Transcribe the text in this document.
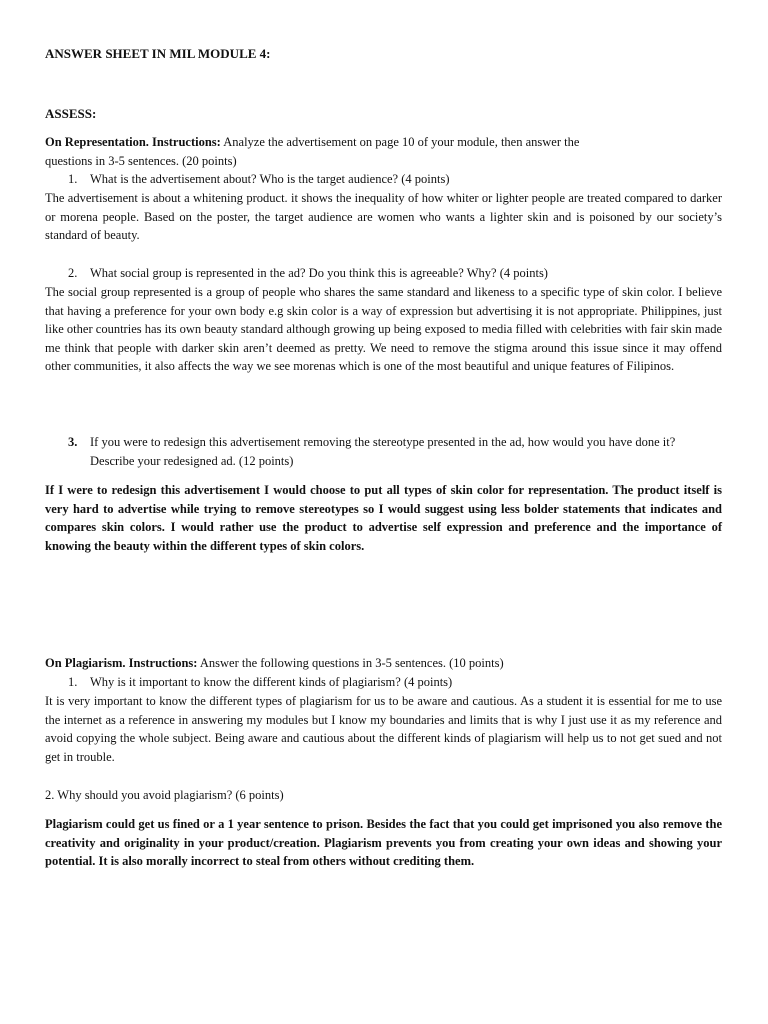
ANSWER SHEET IN MIL MODULE 4:

ASSESS:

On Representation. Instructions: Analyze the advertisement on page 10 of your module, then answer the questions in 3-5 sentences. (20 points)

1.	What is the advertisement about? Who is the target audience? (4 points)

The advertisement is about a whitening product. it shows the inequality of how whiter or lighter people are treated compared to darker or morena people. Based on the poster, the target audience are women who wants a lighter skin and is poisoned by our society’s standard of beauty.

2.	What social group is represented in the ad? Do you think this is agreeable? Why? (4 points)

The social group represented is a group of people who shares the same standard and likeness to a specific type of skin color. I believe that having a preference for your own body e.g skin color is a way of expression but advertising it is not appropriate. Philippines, just like other countries has its own beauty standard although growing up being exposed to media filled with celebrities with fair skin made me think that people with darker skin aren’t deemed as pretty. We need to remove the stigma around this issue since it may offend other communities, it also affects the way we see morenas which is one of the most beautiful and unique features of Filipinos.

3.	If you were to redesign this advertisement removing the stereotype presented in the ad, how would you have done it? Describe your redesigned ad. (12 points)

If I were to redesign this advertisement I would choose to put all types of skin color for representation. The product itself is very hard to advertise while trying to remove stereotypes so I would suggest using less bolder statements that indicates and compares skin colors. I would rather use the product to advertise self expression and preference and the importance of knowing the beauty within the different types of skin colors.

On Plagiarism. Instructions: Answer the following questions in 3-5 sentences. (10 points)

1.	Why is it important to know the different kinds of plagiarism? (4 points)

It is very important to know the different types of plagiarism for us to be aware and cautious. As a student it is essential for me to use the internet as a reference in answering my modules but I know my boundaries and limits that is why I just use it as my reference and avoid copying the whole subject. Being aware and cautious about the different kinds of plagiarism will help us to not get sued and not get in trouble.

2. Why should you avoid plagiarism? (6 points)

Plagiarism could get us fined or a 1 year sentence to prison. Besides the fact that you could get imprisoned you also remove the creativity and originality in your product/creation. Plagiarism prevents you from creating your own ideas and showing your potential. It is also morally incorrect to steal from others without crediting them.
